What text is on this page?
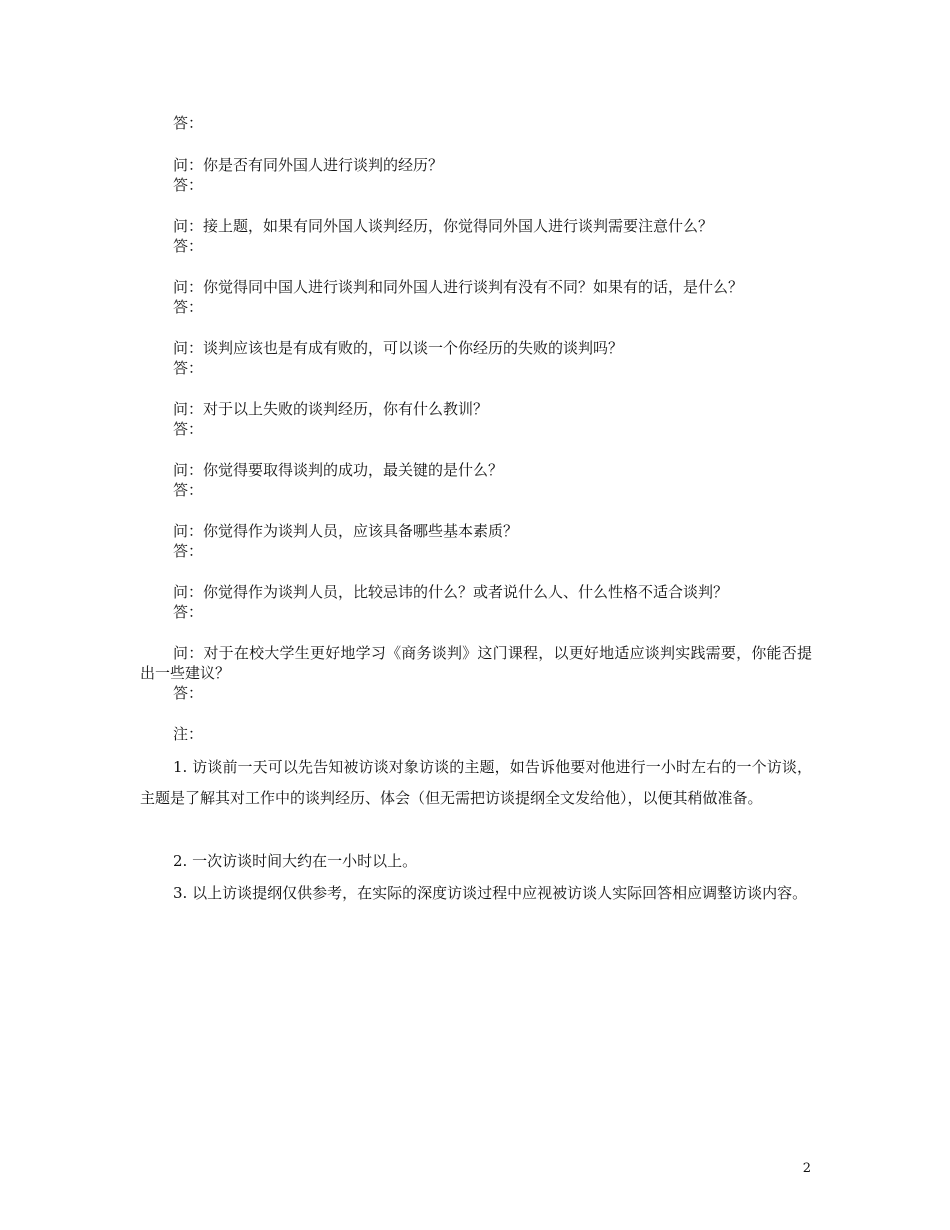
答：
问：你是否有同外国人进行谈判的经历？
答：
问：接上题，如果有同外国人谈判经历，你觉得同外国人进行谈判需要注意什么？
答：
问：你觉得同中国人进行谈判和同外国人进行谈判有没有不同？如果有的话，是什么？
答：
问：谈判应该也是有成有败的，可以谈一个你经历的失败的谈判吗？
答：
问：对于以上失败的谈判经历，你有什么教训？
答：
问：你觉得要取得谈判的成功，最关键的是什么？
答：
问：你觉得作为谈判人员，应该具备哪些基本素质？
答：
问：你觉得作为谈判人员，比较忌讳的什么？或者说什么人、什么性格不适合谈判？
答：
问：对于在校大学生更好地学习《商务谈判》这门课程，以更好地适应谈判实践需要，你能否提出一些建议？
答：
注：
1. 访谈前一天可以先告知被访谈对象访谈的主题，如告诉他要对他进行一小时左右的一个访谈，主题是了解其对工作中的谈判经历、体会（但无需把访谈提纲全文发给他），以便其稍做准备。
2. 一次访谈时间大约在一小时以上。
3. 以上访谈提纲仅供参考，在实际的深度访谈过程中应视被访谈人实际回答相应调整访谈内容。
2
